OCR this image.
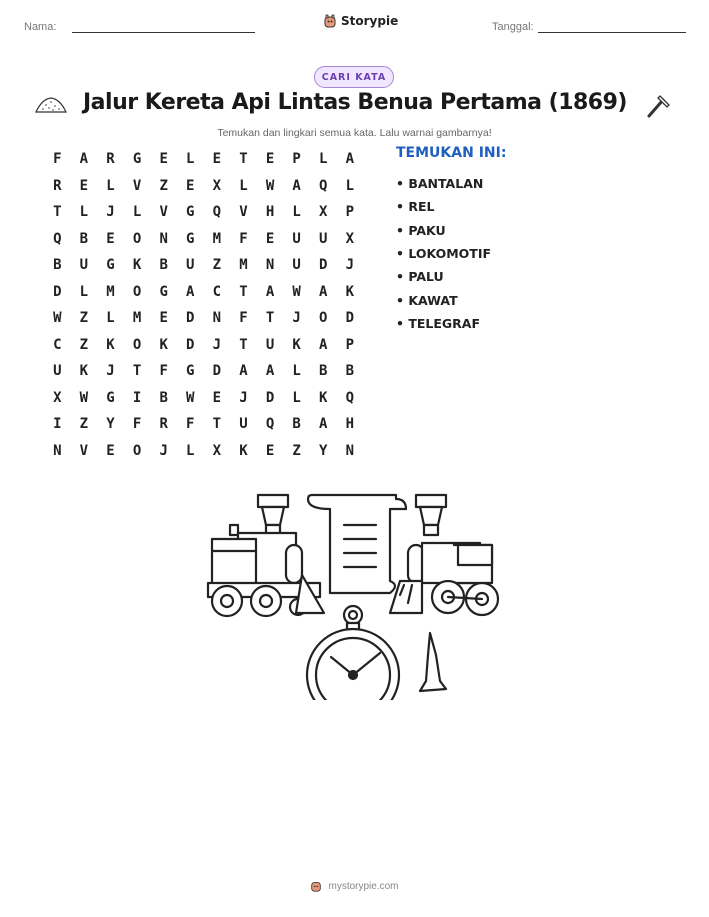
Nama:	Storypie	Tanggal:
CARI KATA
Jalur Kereta Api Lintas Benua Pertama (1869)
Temukan dan lingkari semua kata. Lalu warnai gambarnya!
F	A	R	G	E	L	E	T	E	P	L	A
R	E	L	V	Z	E	X	L	W	A	Q	L
T	L	J	L	V	G	Q	V	H	L	X	P
Q	B	E	O	N	G	M	F	E	U	U	X
B	U	G	K	B	U	Z	M	N	U	D	J
D	L	M	O	G	A	C	T	A	W	A	K
W	Z	L	M	E	D	N	F	T	J	O	D
C	Z	K	O	K	D	J	T	U	K	A	P
U	K	J	T	F	G	D	A	A	L	B	B
X	W	G	I	B	W	E	J	D	L	K	Q
I	Z	Y	F	R	F	T	U	Q	B	A	H
N	V	E	O	J	L	X	K	E	Z	Y	N
TEMUKAN INI:
• BANTALAN
• REL
• PAKU
• LOKOMOTIF
• PALU
• KAWAT
• TELEGRAF
mystorypie.com
